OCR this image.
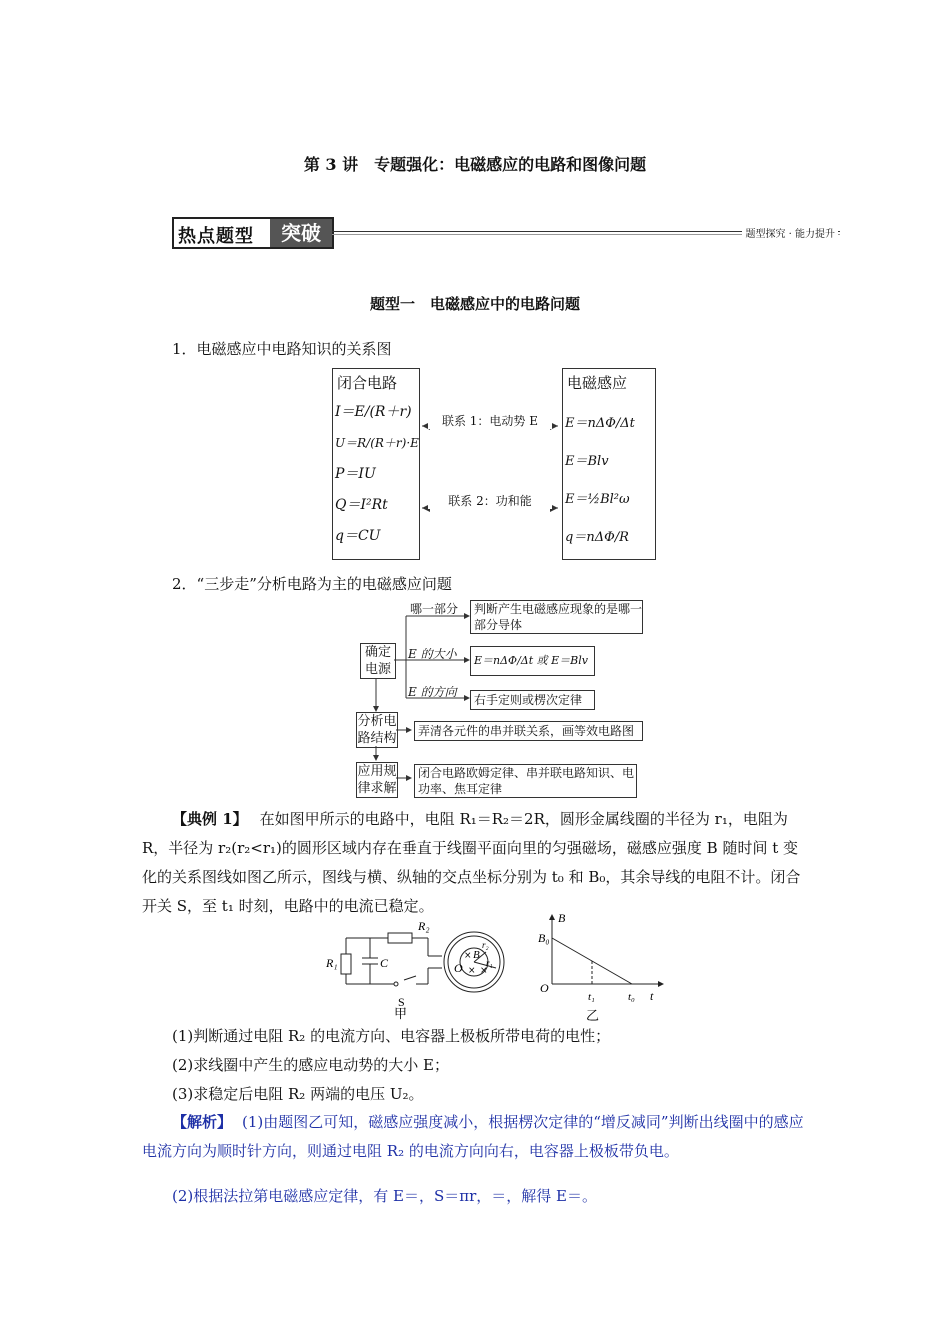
第 3 讲　专题强化：电磁感应的电路和图像问题
热点题型	突破	题型探究 · 能力提升
题型一　电磁感应中的电路问题
1．电磁感应中电路知识的关系图
闭合电路
I＝E/(R＋r)
U＝R/(R＋r)·E
P＝IU
Q＝I²Rt
q＝CU
电磁感应
E＝nΔΦ/Δt
E＝Blv
E＝½Bl²ω
q＝nΔΦ/R
联系 1：电动势 E
联系 2：功和能
2．“三步走”分析电路为主的电磁感应问题
确定电源
分析电路结构
应用规律求解
哪一部分
E 的大小
E 的方向
判断产生电磁感应现象的是哪一部分导体
E＝nΔΦ/Δt 或 E＝Blv
右手定则或楞次定律
弄清各元件的串并联关系，画等效电路图
闭合电路欧姆定律、串并联电路知识、电功率、焦耳定律
【典例 1】 在如图甲所示的电路中，电阻 R₁＝R₂＝2R，圆形金属线圈的半径为 r₁，电阻为 R，半径为 r₂(r₂<r₁)的圆形区域内存在垂直于线圈平面向里的匀强磁场，磁感应强度 B 随时间 t 变化的关系图线如图乙所示，图线与横、纵轴的交点坐标分别为 t₀ 和 B₀，其余导线的电阻不计。闭合开关 S，至 t₁ 时刻，电路中的电流已稳定。
×
× ×
R₂
R₁	C
S
B
O
r₂
r₁
甲
B
B₀
O
t₁	t₀ t
乙
(1)判断通过电阻 R₂ 的电流方向、电容器上极板所带电荷的电性；
(2)求线圈中产生的感应电动势的大小 E；
(3)求稳定后电阻 R₂ 两端的电压 U₂。
【解析】 (1)由题图乙可知，磁感应强度减小，根据楞次定律的“增反减同”判断出线圈中的感应电流方向为顺时针方向，则通过电阻 R₂ 的电流方向向右，电容器上极板带负电。
(2)根据法拉第电磁感应定律，有 E＝，S＝πr，＝，解得 E＝。
